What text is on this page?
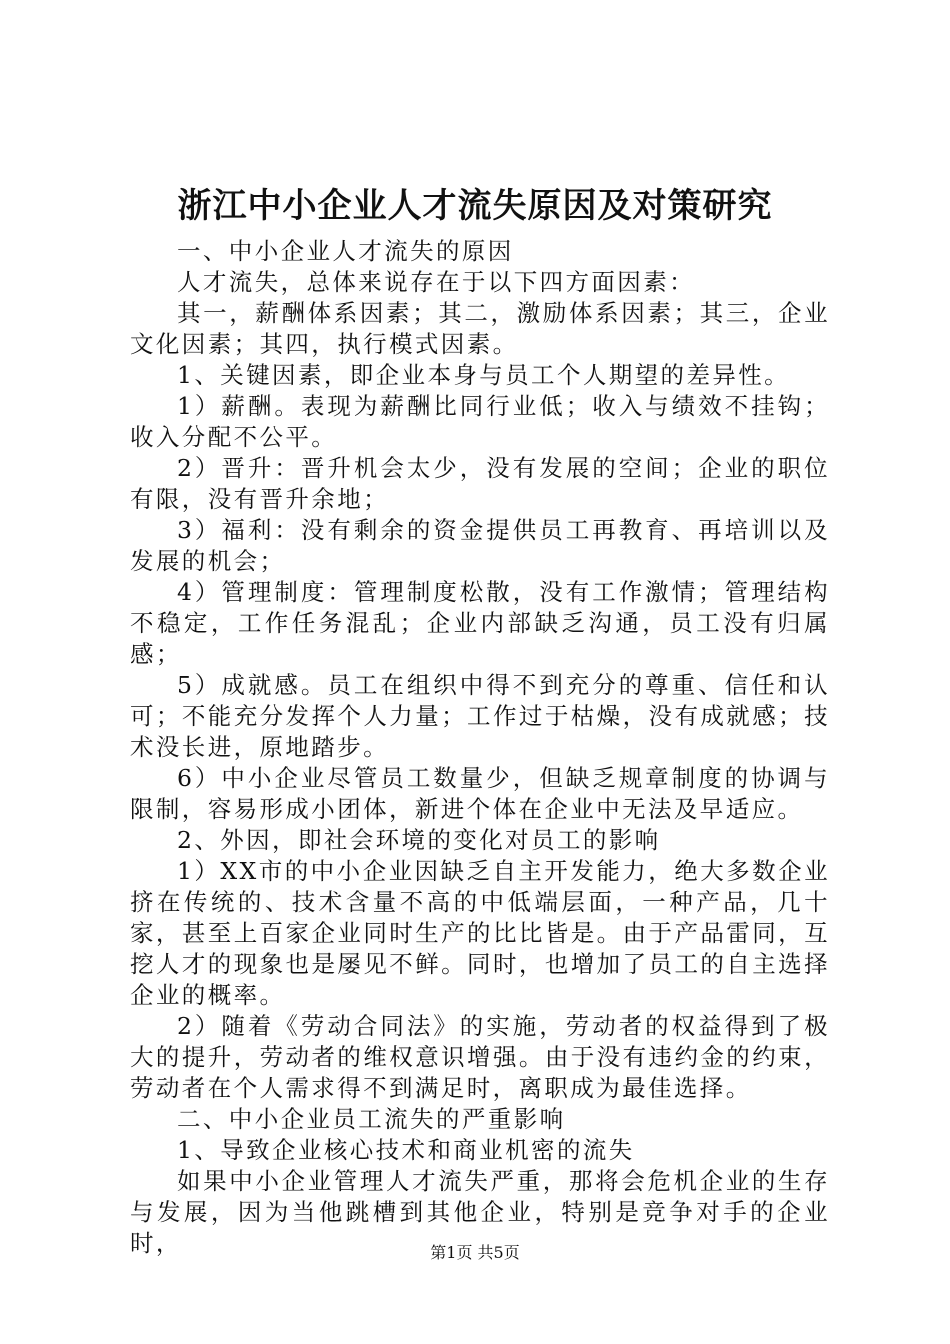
浙江中小企业人才流失原因及对策研究

一、中小企业人才流失的原因

人才流失，总体来说存在于以下四方面因素：

其一，薪酬体系因素；其二，激励体系因素；其三，企业文化因素；其四，执行模式因素。

1、关键因素，即企业本身与员工个人期望的差异性。

1）薪酬。表现为薪酬比同行业低；收入与绩效不挂钩；收入分配不公平。

2）晋升：晋升机会太少，没有发展的空间；企业的职位有限，没有晋升余地；

3）福利：没有剩余的资金提供员工再教育、再培训以及发展的机会；

4）管理制度：管理制度松散，没有工作激情；管理结构不稳定，工作任务混乱；企业内部缺乏沟通，员工没有归属感；

5）成就感。员工在组织中得不到充分的尊重、信任和认可；不能充分发挥个人力量；工作过于枯燥，没有成就感；技术没长进，原地踏步。

6）中小企业尽管员工数量少，但缺乏规章制度的协调与限制，容易形成小团体，新进个体在企业中无法及早适应。

2、外因，即社会环境的变化对员工的影响

1）XX市的中小企业因缺乏自主开发能力，绝大多数企业挤在传统的、技术含量不高的中低端层面，一种产品，几十家，甚至上百家企业同时生产的比比皆是。由于产品雷同，互挖人才的现象也是屡见不鲜。同时，也增加了员工的自主选择企业的概率。

2）随着《劳动合同法》的实施，劳动者的权益得到了极大的提升，劳动者的维权意识增强。由于没有违约金的约束，劳动者在个人需求得不到满足时，离职成为最佳选择。

二、中小企业员工流失的严重影响

1、导致企业核心技术和商业机密的流失

如果中小企业管理人才流失严重，那将会危机企业的生存与发展，因为当他跳槽到其他企业，特别是竞争对手的企业时，	第1页 共5页
